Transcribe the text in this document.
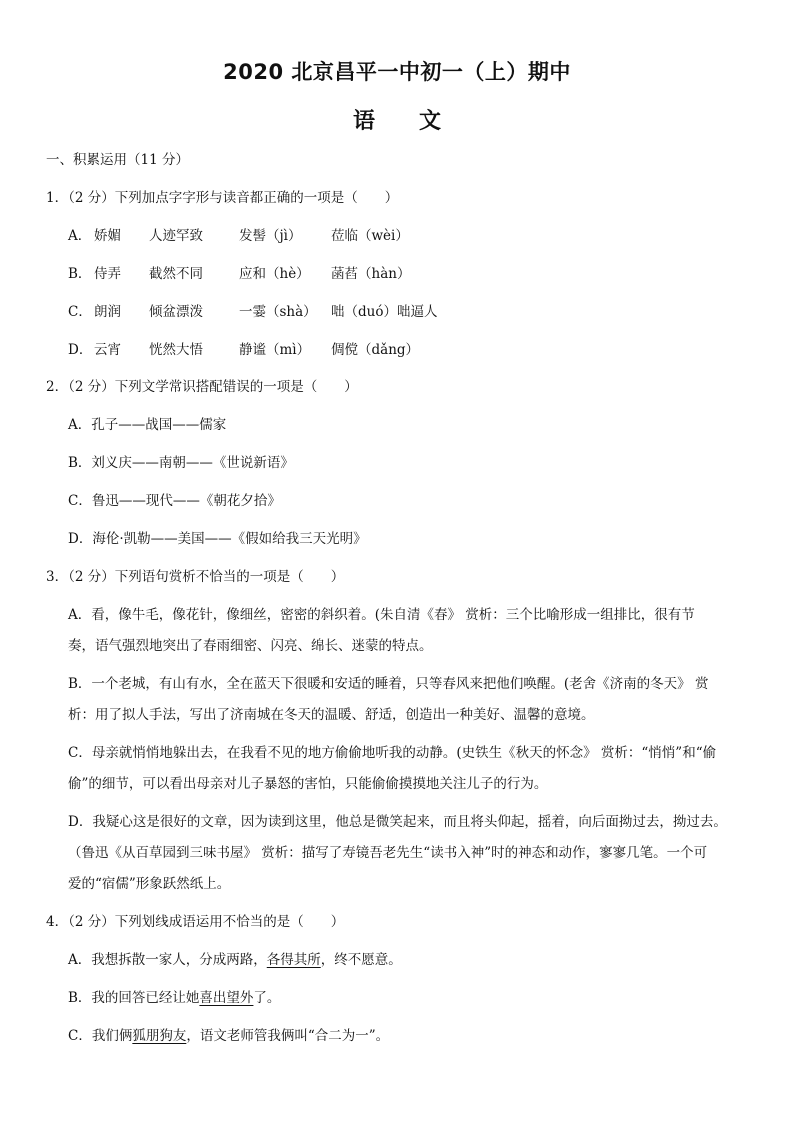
2020 北京昌平一中初一（上）期中
语文
一、积累运用（11 分）
1．（2 分）下列加点字字形与读音都正确的一项是（　　）
A． 娇媚 人迹罕致	发髻（jì） 莅临（wèi）
B． 侍弄 截然不同	应和（hè） 菡萏（hàn）
C． 朗润 倾盆漂泼	一霎（shà） 咄（duó）咄逼人
D． 云宵 恍然大悟	静谧（mì） 倜傥（dǎng）
2．（2 分）下列文学常识搭配错误的一项是（　　）
A．孔子——战国——儒家
B．刘义庆——南朝——《世说新语》
C．鲁迅——现代——《朝花夕拾》
D．海伦·凯勒——美国——《假如给我三天光明》
3．（2 分）下列语句赏析不恰当的一项是（　　）
A．看，像牛毛，像花针，像细丝，密密的斜织着。(朱自清《春》 赏析：三个比喻形成一组排比，很有节
奏，语气强烈地突出了春雨细密、闪亮、绵长、迷蒙的特点。
B．一个老城，有山有水，全在蓝天下很暖和安适的睡着，只等春风来把他们唤醒。(老舍《济南的冬天》 赏
析：用了拟人手法，写出了济南城在冬天的温暖、舒适，创造出一种美好、温馨的意境。
C．母亲就悄悄地躲出去，在我看不见的地方偷偷地听我的动静。(史铁生《秋天的怀念》 赏析：“悄悄”和“偷
偷”的细节，可以看出母亲对儿子暴怒的害怕，只能偷偷摸摸地关注儿子的行为。
D．我疑心这是很好的文章，因为读到这里，他总是微笑起来，而且将头仰起，摇着，向后面拗过去，拗过去。
（鲁迅《从百草园到三味书屋》 赏析：描写了寿镜吾老先生“读书入神”时的神态和动作，寥寥几笔。一个可
爱的“宿儒”形象跃然纸上。
4．（2 分）下列划线成语运用不恰当的是（　　）
A．我想拆散一家人，分成两路，各得其所，终不愿意。
B．我的回答已经让她喜出望外了。
C．我们俩狐朋狗友，语文老师管我俩叫“合二为一”。
